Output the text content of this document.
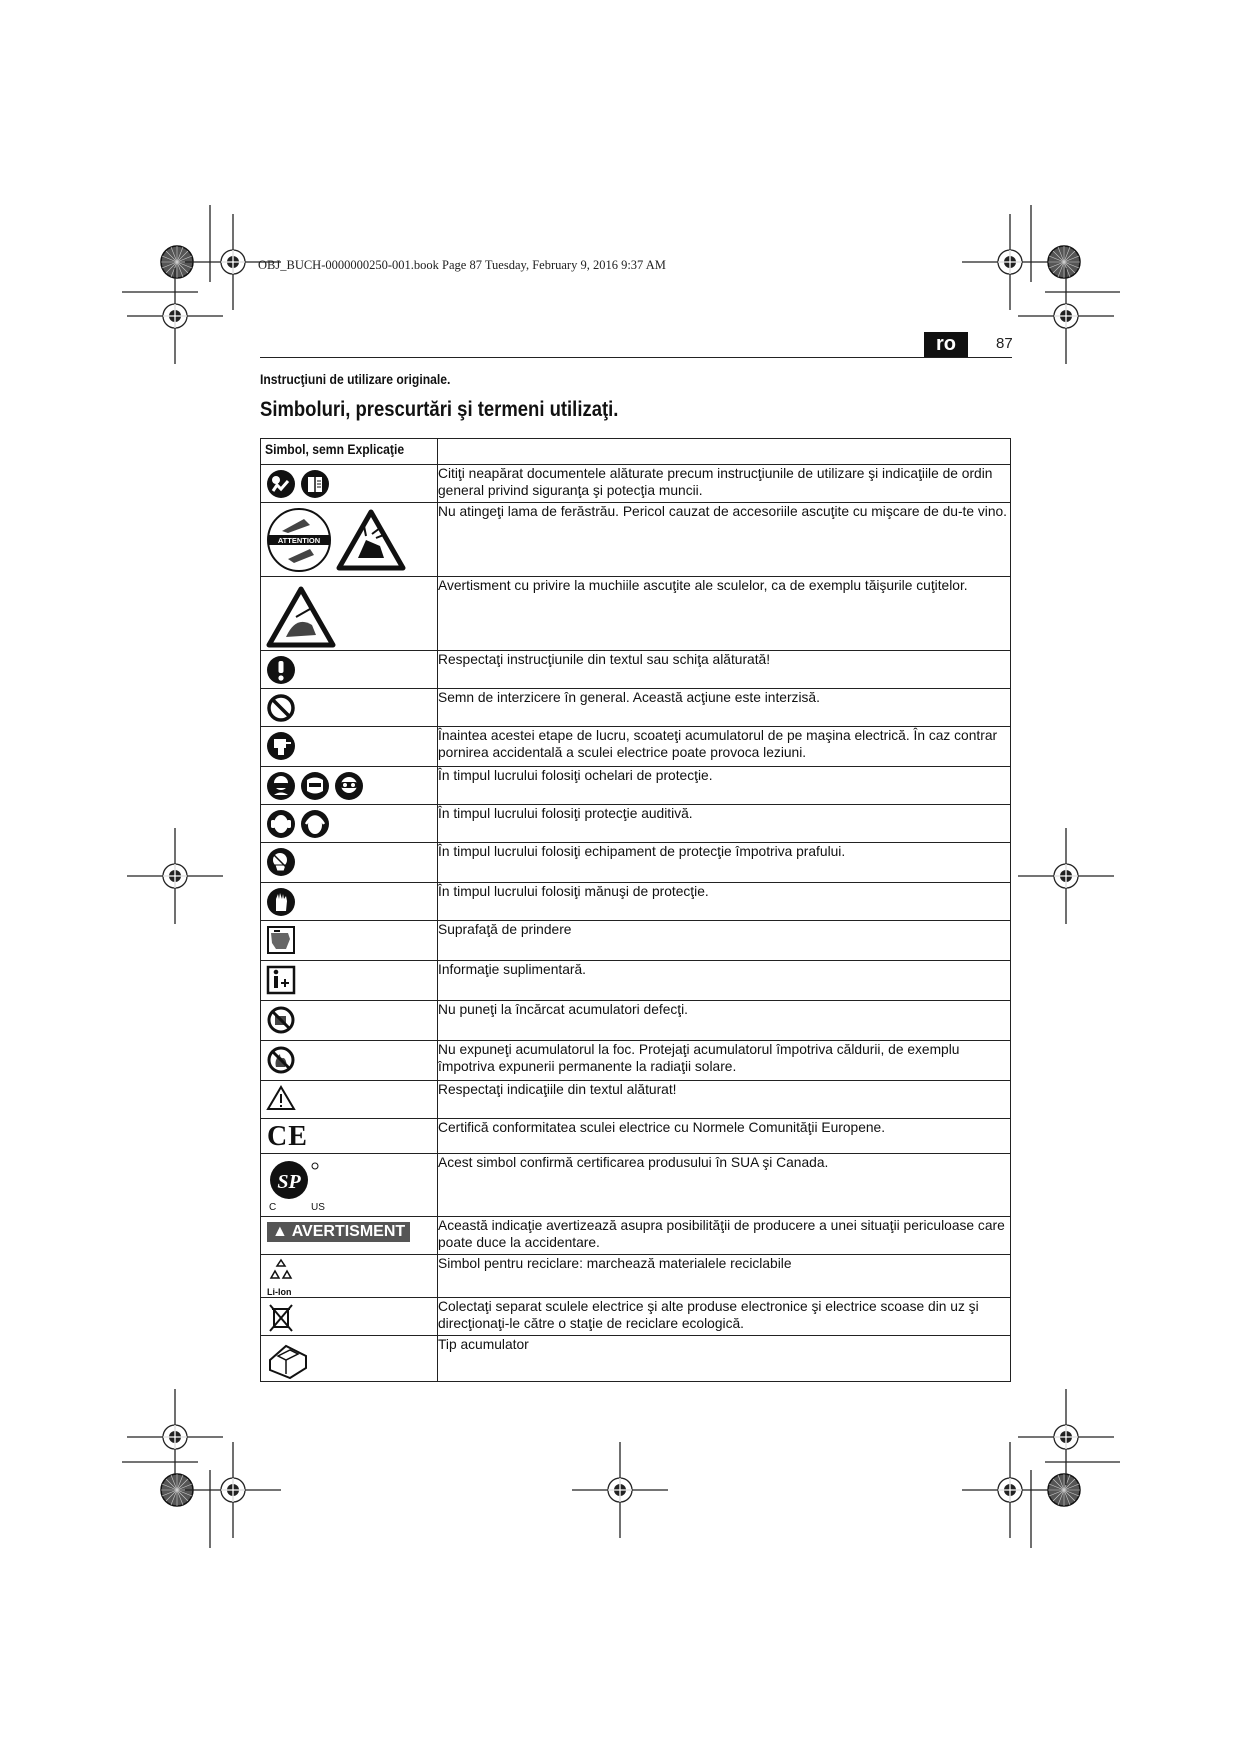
OBJ_BUCH-0000000250-001.book Page 87 Tuesday, February 9, 2016 9:37 AM
ro	87
Instrucţiuni de utilizare originale.
Simboluri, prescurtări şi termeni utilizaţi.
Simbol, semn Explicaţie	

	Citiţi neapărat documentele alăturate precum instrucţiunile de utilizare şi indicaţiile de ordin general privind siguranţa şi potecţia muncii.

ATTENTION	Nu atingeţi lama de ferăstrău. Pericol cauzat de accesoriile ascuţite cu mişcare de du-te vino.

	Avertisment cu privire la muchiile ascuţite ale sculelor, ca de exemplu tăişurile cuţitelor.

	Respectaţi instrucţiunile din textul sau schiţa alăturată!

	Semn de interzicere în general. Această acţiune este interzisă.

	Înaintea acestei etape de lucru, scoateţi acumulatorul de pe maşina electrică. În caz contrar pornirea accidentală a sculei electrice poate provoca leziuni.

	În timpul lucrului folosiţi ochelari de protecţie.

	În timpul lucrului folosiţi protecţie auditivă.

	În timpul lucrului folosiţi echipament de protecţie împotriva prafului.

	În timpul lucrului folosiţi mănuşi de protecţie.

	Suprafaţă de prindere

	Informaţie suplimentară.

	Nu puneţi la încărcat acumulatori defecţi.

	Nu expuneţi acumulatorul la foc. Protejaţi acumulatorul împotriva căldurii, de exemplu împotriva expunerii permanente la radiaţii solare.

	Respectaţi indicaţiile din textul alăturat!

CE	Certifică conformitatea sculei electrice cu Normele Comunităţii Europene.

SP
C US	Acest simbol confirmă certificarea produsului în SUA şi Canada.
▲ AVERTISMENT	Această indicaţie avertizează asupra posibilităţii de producere a unei situaţii periculoase care poate duce la accidentare.

Li-Ion	Simbol pentru reciclare: marchează materialele reciclabile

	Colectaţi separat sculele electrice şi alte produse electronice şi electrice scoase din uz şi direcţionaţi-le către o staţie de reciclare ecologică.

	Tip acumulator
